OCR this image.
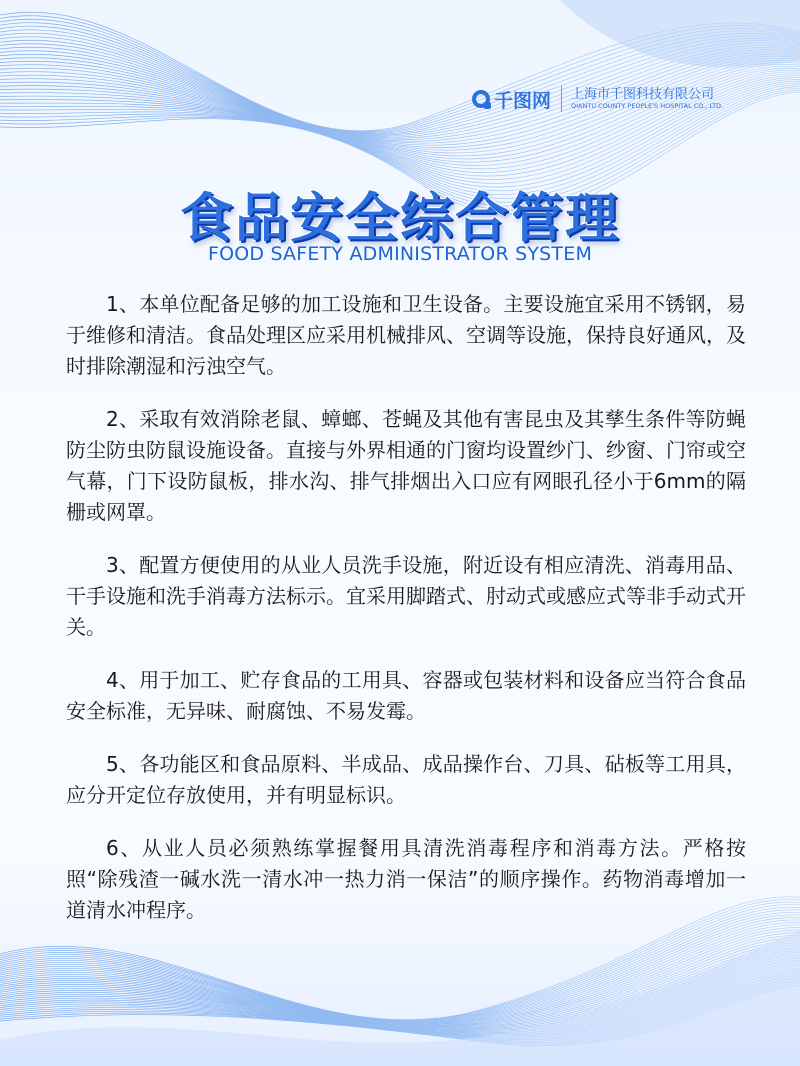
千图网 上海市千图科技有限公司
QIANTU COUNTY PEOPLE'S HOSPITAL CO., LTD.
食品安全综合管理
FOOD SAFETY ADMINISTRATOR SYSTEM

1、本单位配备足够的加工设施和卫生设备。主要设施宜采用不锈钢，易于维修和清洁。食品处理区应采用机械排风、空调等设施，保持良好通风，及时排除潮湿和污浊空气。

2、采取有效消除老鼠、蟑螂、苍蝇及其他有害昆虫及其孳生条件等防蝇防尘防虫防鼠设施设备。直接与外界相通的门窗均设置纱门、纱窗、门帘或空气幕，门下设防鼠板，排水沟、排气排烟出入口应有网眼孔径小于6mm的隔栅或网罩。

3、配置方便使用的从业人员洗手设施，附近设有相应清洗、消毒用品、干手设施和洗手消毒方法标示。宜采用脚踏式、肘动式或感应式等非手动式开关。

4、用于加工、贮存食品的工用具、容器或包装材料和设备应当符合食品安全标准，无异味、耐腐蚀、不易发霉。

5、各功能区和食品原料、半成品、成品操作台、刀具、砧板等工用具，应分开定位存放使用，并有明显标识。

6、从业人员必须熟练掌握餐用具清洗消毒程序和消毒方法。严格按照“除残渣一碱水洗一清水冲一热力消一保洁”的顺序操作。药物消毒增加一道清水冲程序。
